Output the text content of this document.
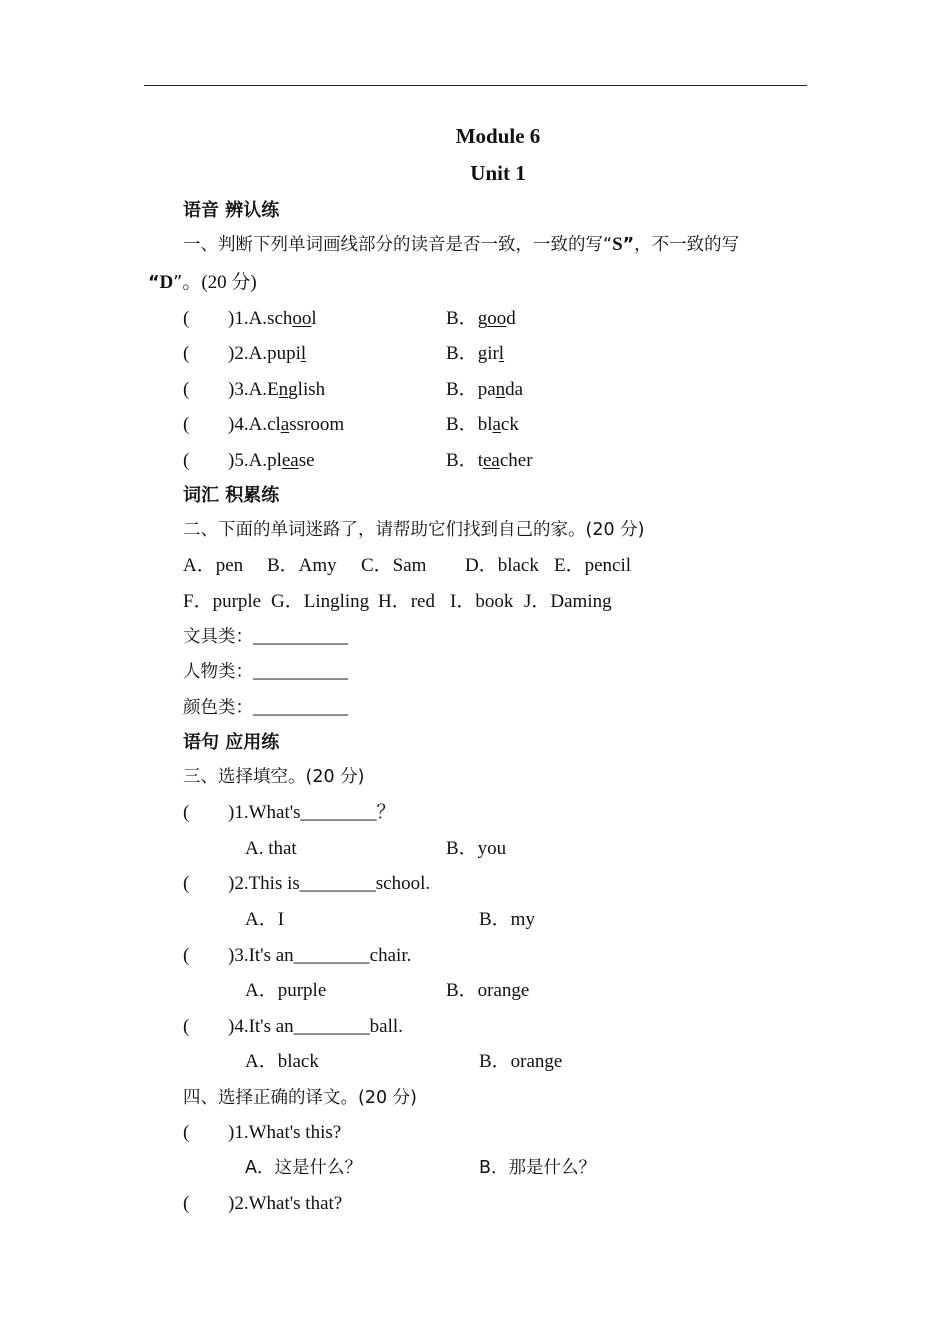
Module 6
Unit 1
语音 辨认练
一、判断下列单词画线部分的读音是否一致，一致的写“S”，不一致的写
“D”。(20 分)
( )1.A.school	B．good
( )2.A.pupil	B．girl
( )3.A.English	B．panda
( )4.A.classroom	B．black
( )5.A.please	B．teacher
词汇 积累练
二、下面的单词迷路了，请帮助它们找到自己的家。(20 分)
A．pen B．Amy C．Sam D．black E．pencil
F．purple G．Lingling H．red I．book J．Daming
文具类：__________
人物类：__________
颜色类：__________
语句 应用练
三、选择填空。(20 分)
( )1.What's________？
A. that	B．you
( )2.This is________school.
A．I	B．my
( )3.It's an________chair.
A．purple	B．orange
( )4.It's an________ball.
A．black	B．orange
四、选择正确的译文。(20 分)
( )1.What's this?
A．这是什么？	B．那是什么？
( )2.What's that?
